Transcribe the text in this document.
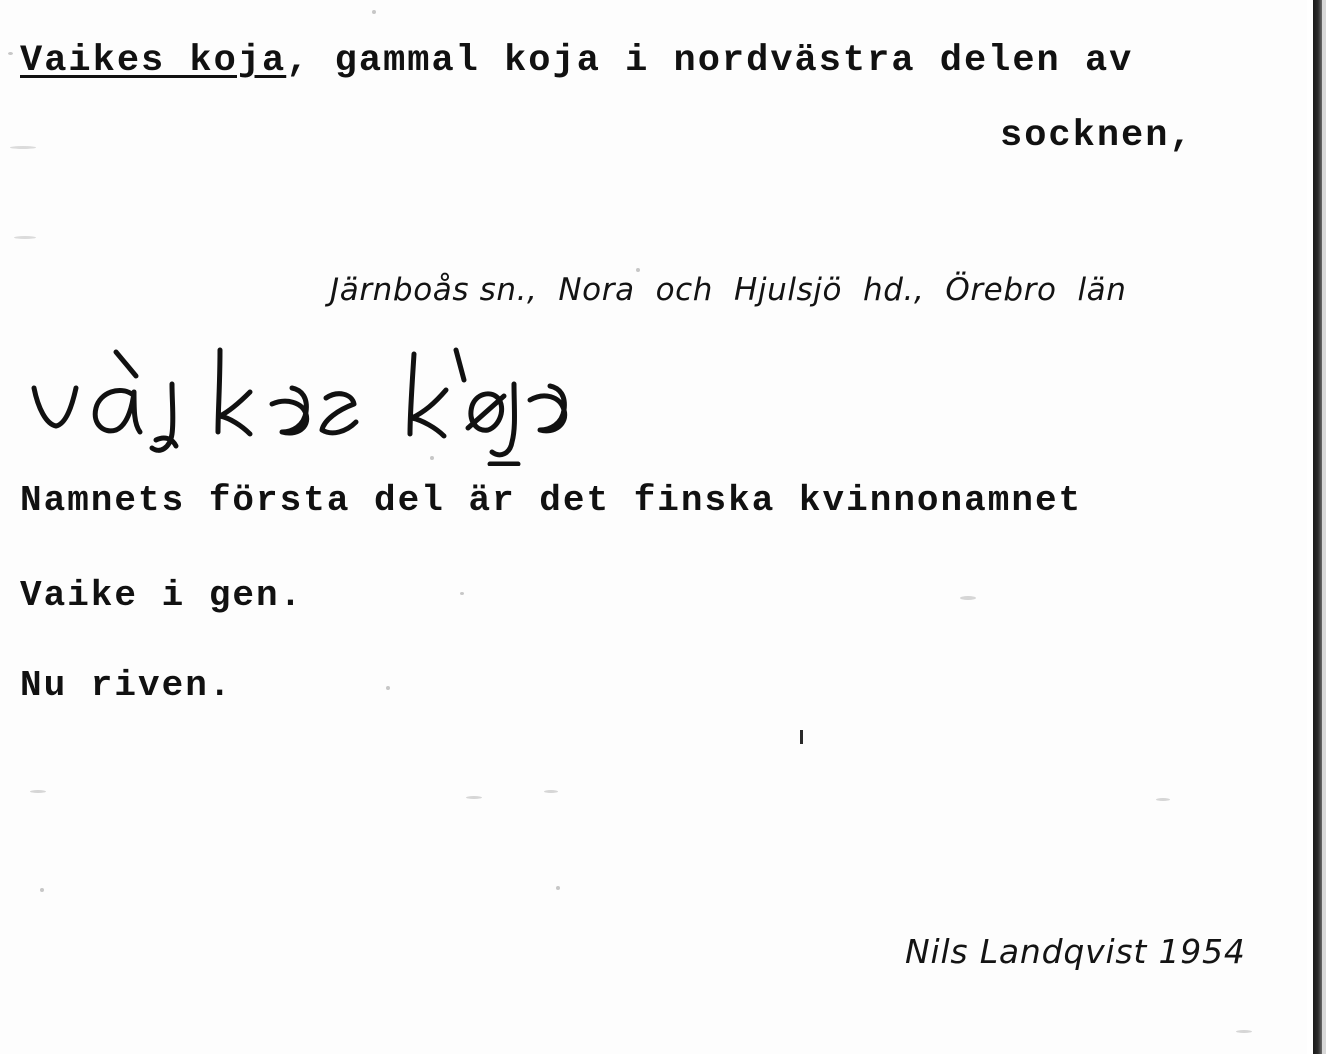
Vaikes koja, gammal koja i nordvästra delen av
socknen,
Järnboås sn.,  Nora  och  Hjulsjö  hd.,  Örebro  län
Namnets första del är det finska kvinnonamnet
Vaike i gen.
Nu riven.
Nils Landqvist 1954
